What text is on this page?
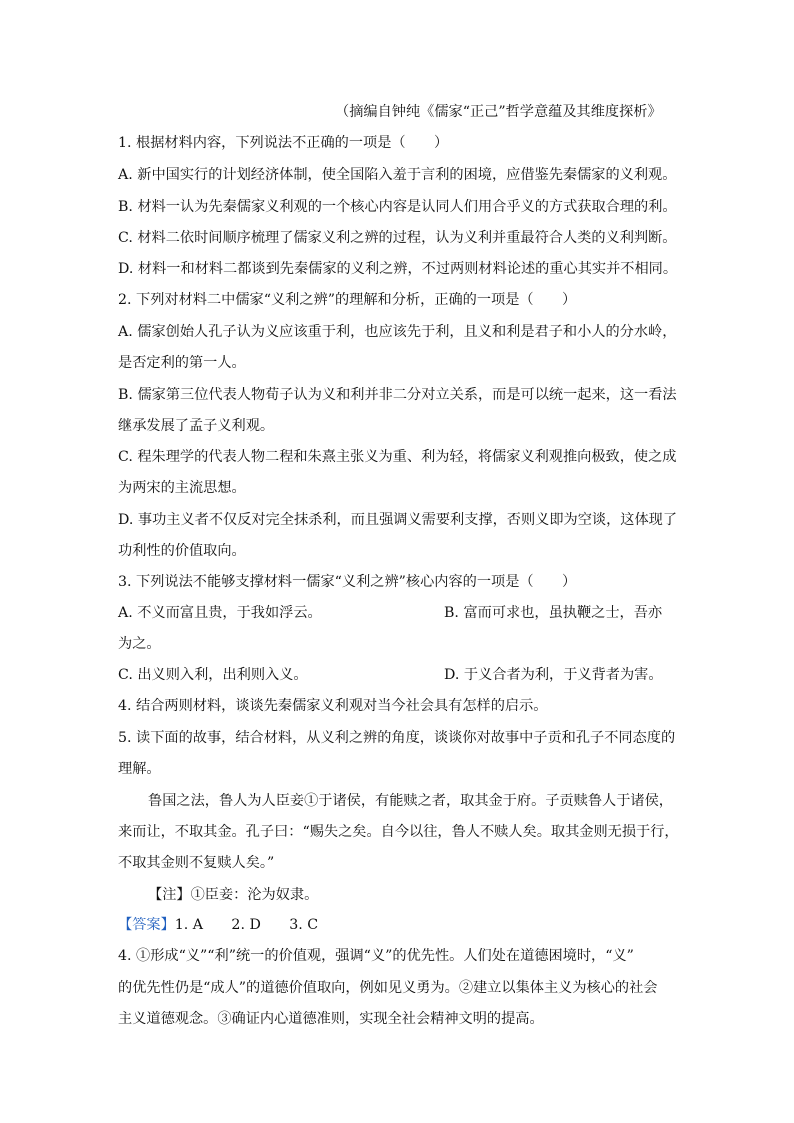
（摘编自钟纯《儒家“正己”哲学意蕴及其维度探析》
1. 根据材料内容，下列说法不正确的一项是（　　）
A. 新中国实行的计划经济体制，使全国陷入羞于言利的困境，应借鉴先秦儒家的义利观。
B. 材料一认为先秦儒家义利观的一个核心内容是认同人们用合乎义的方式获取合理的利。
C. 材料二依时间顺序梳理了儒家义利之辨的过程，认为义利并重最符合人类的义利判断。
D. 材料一和材料二都谈到先秦儒家的义利之辨，不过两则材料论述的重心其实并不相同。
2. 下列对材料二中儒家“义利之辨”的理解和分析，正确的一项是（　　）
A. 儒家创始人孔子认为义应该重于利，也应该先于利，且义和利是君子和小人的分水岭，
是否定利的第一人。
B. 儒家第三位代表人物荀子认为义和利并非二分对立关系，而是可以统一起来，这一看法
继承发展了孟子义利观。
C. 程朱理学的代表人物二程和朱熹主张义为重、利为轻，将儒家义利观推向极致，使之成
为两宋的主流思想。
D. 事功主义者不仅反对完全抹杀利，而且强调义需要利支撑，否则义即为空谈，这体现了
功利性的价值取向。
3. 下列说法不能够支撑材料一儒家“义利之辨”核心内容的一项是（　　）
A. 不义而富且贵，于我如浮云。	B. 富而可求也，虽执鞭之士，吾亦
为之。
C. 出义则入利，出利则入义。	D. 于义合者为利，于义背者为害。
4. 结合两则材料，谈谈先秦儒家义利观对当今社会具有怎样的启示。
5. 读下面的故事，结合材料，从义利之辨的角度，谈谈你对故事中子贡和孔子不同态度的
理解。
鲁国之法，鲁人为人臣妾①于诸侯，有能赎之者，取其金于府。子贡赎鲁人于诸侯，
来而让，不取其金。孔子曰：“赐失之矣。自今以往，鲁人不赎人矣。取其金则无损于行，
不取其金则不复赎人矣。”
【注】①臣妾：沦为奴隶。
【答案】1. A　　2. D　　3. C
4. ①形成“义”“利”统一的价值观，强调“义”的优先性。人们处在道德困境时，“义”
的优先性仍是“成人”的道德价值取向，例如见义勇为。②建立以集体主义为核心的社会
主义道德观念。③确证内心道德准则，实现全社会精神文明的提高。
